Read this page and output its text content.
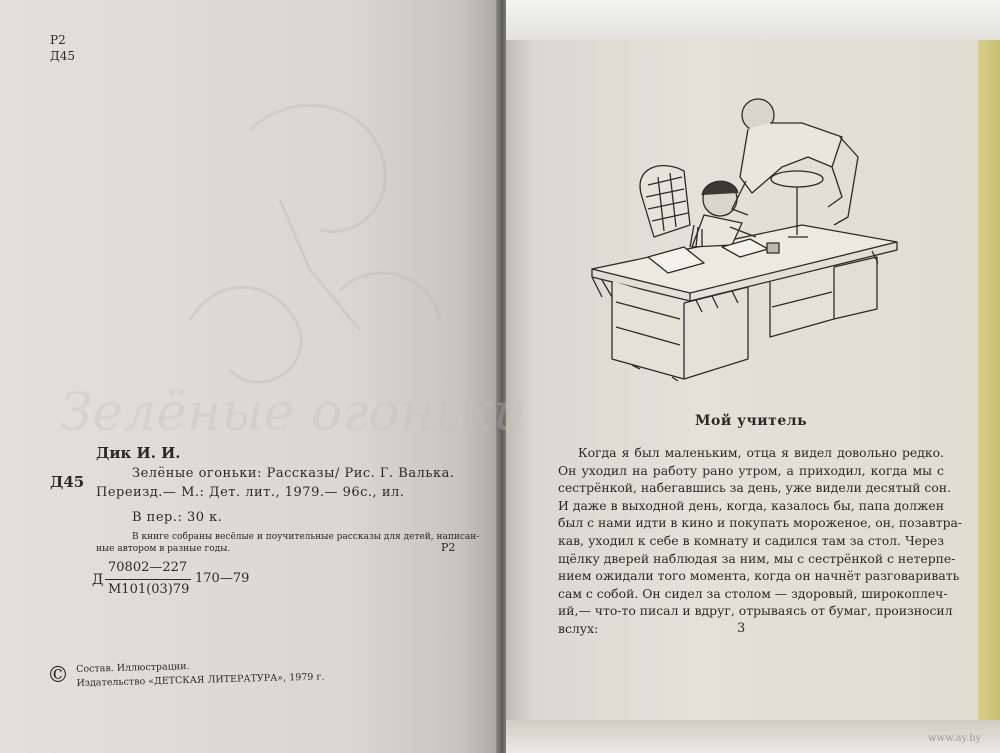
Зелёные огоньки
Р2
Д45
Д45
Дик И. И.
Зелёные огоньки: Рассказы/ Рис. Г. Валька.
Переизд.— М.: Дет. лит., 1979.— 96с., ил.
В пер.: 30 к.
В книге собраны весёлые и поучительные рассказы для детей, написан-
ные автором в разные годы.	Р2
Д
70802—227
М101(03)79
170—79
© Состав. Иллюстрации.
Издательство «ДЕТСКАЯ ЛИТЕРАТУРА», 1979 г.
Мой учитель
Когда я был маленьким, отца я видел довольно редко.
Он уходил на работу рано утром, а приходил, когда мы с
сестрёнкой, набегавшись за день, уже видели десятый сон.
И даже в выходной день, когда, казалось бы, папа должен
был с нами идти в кино и покупать мороженое, он, позавтра-
кав, уходил к себе в комнату и садился там за стол. Через
щёлку дверей наблюдая за ним, мы с сестрёнкой с нетерпе-
нием ожидали того момента, когда он начнёт разговаривать
сам с собой. Он сидел за столом — здоровый, широкоплеч-
ий,— что-то писал и вдруг, отрываясь от бумаг, произносил
вслух:	3
www.ay.by
